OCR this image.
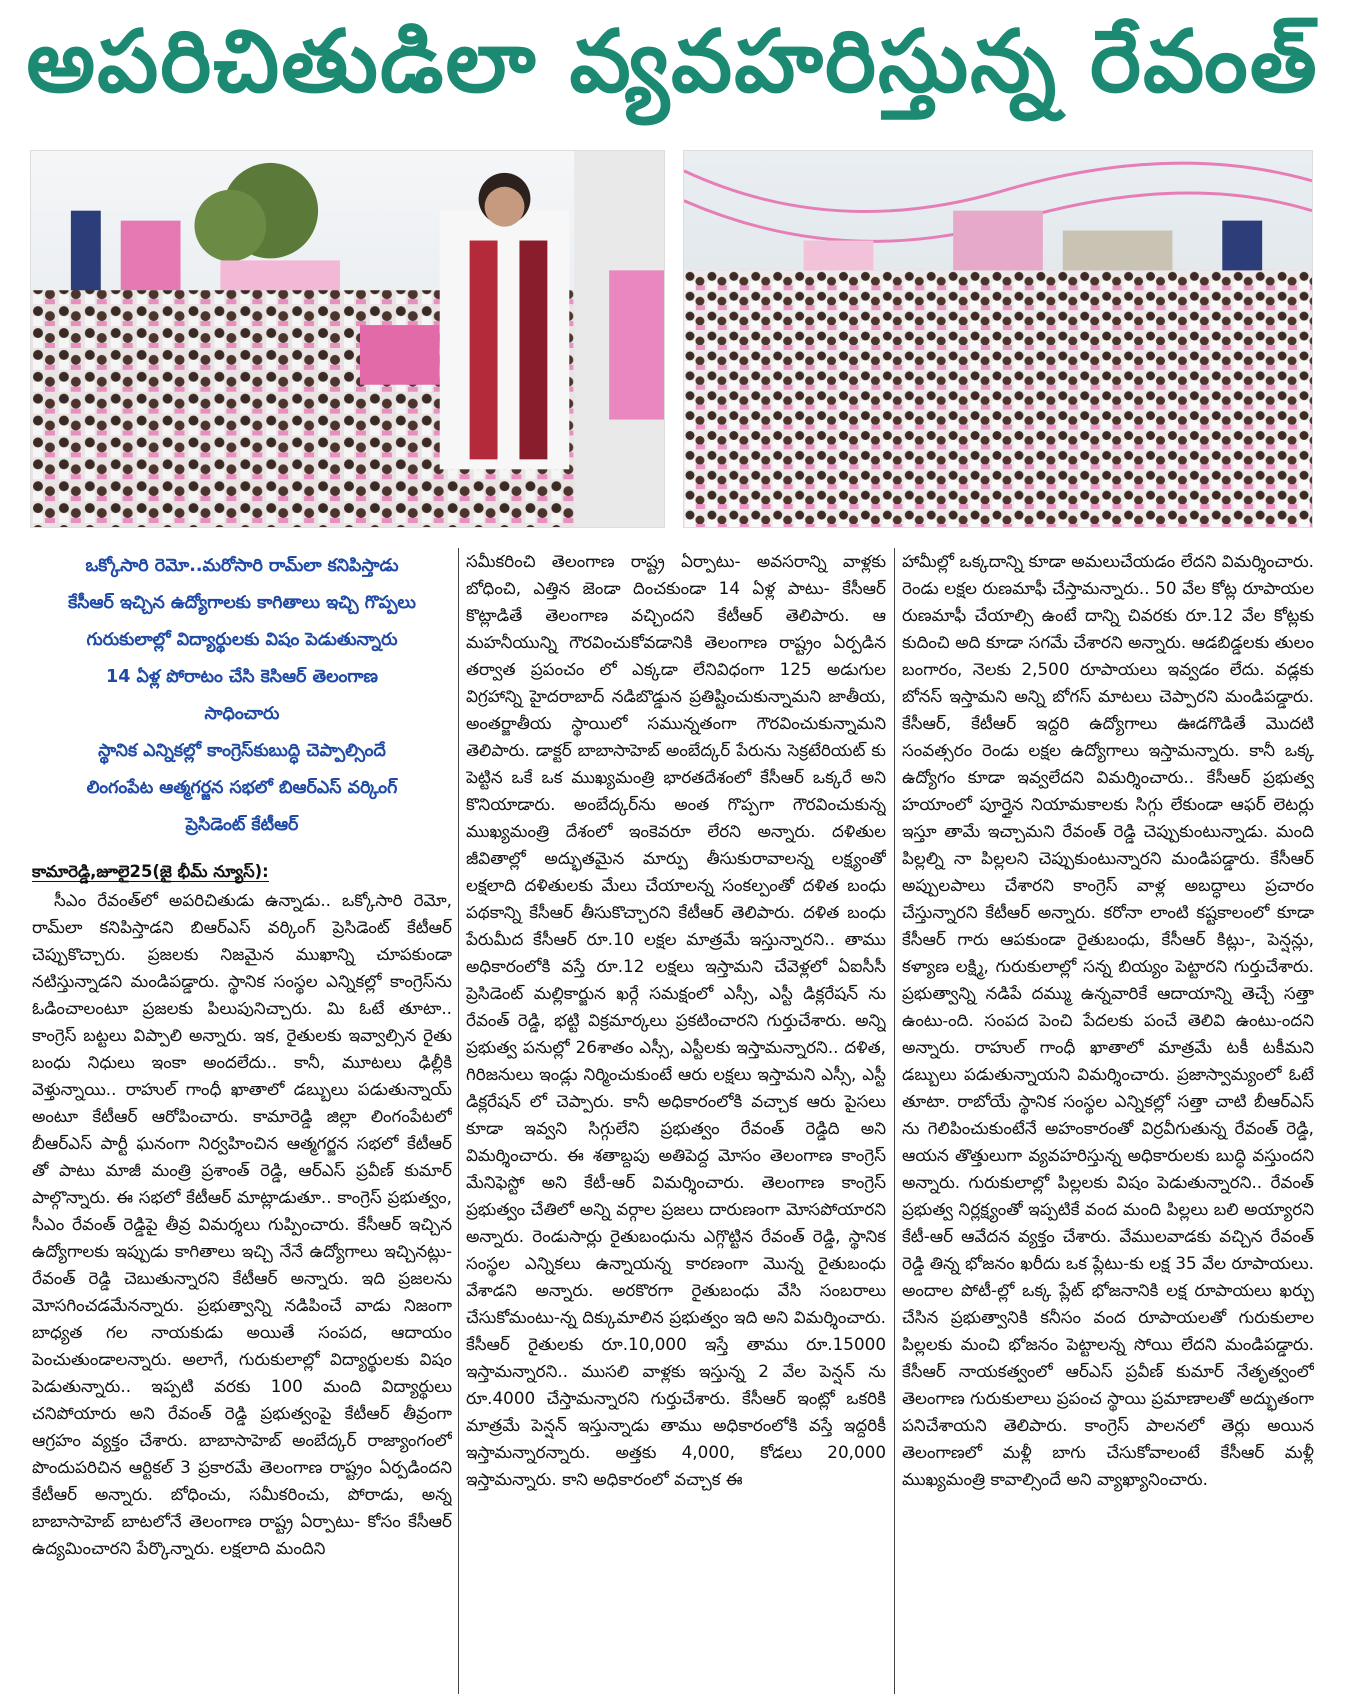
అపరిచితుడిలా వ్యవహరిస్తున్న రేవంత్
ఒక్కోసారి రెమో..మరోసారి రామ్‌లా కనిపిస్తాడు
కేసీఆర్ ఇచ్చిన ఉద్యోగాలకు కాగితాలు ఇచ్చి గొప్పలు
గురుకులాల్లో విద్యార్థులకు విషం పెడుతున్నారు
14 ఏళ్ల పోరాటం చేసి కెసిఆర్ తెలంగాణ
సాధించారు
స్థానిక ఎన్నికల్లో కాంగ్రెస్‌కుబుద్ధి చెప్పాల్సిందే
లింగంపేట ఆత్మగర్జన సభలో బిఆర్ఎస్ వర్కింగ్
ప్రెసిడెంట్ కేటీఆర్
కామారెడ్డి,జూలై25(జై భీమ్ న్యూస్):

సీఎం రేవంత్‌లో అపరిచితుడు ఉన్నాడు.. ఒక్కోసారి రెమో, రామ్‌లా కనిపిస్తాడని బిఆర్ఎస్ వర్కింగ్ ప్రెసిడెంట్ కేటీఆర్ చెప్పుకొచ్చారు. ప్రజలకు నిజమైన ముఖాన్ని చూపకుండా నటిస్తున్నాడని మండిపడ్డారు. స్థానిక సంస్థల ఎన్నికల్లో కాంగ్రెస్‌ను ఓడించాలంటూ ప్రజలకు పిలుపునిచ్చారు. మి ఓటే తూటా.. కాంగ్రెస్ బట్టలు విప్పాలి అన్నారు. ఇక, రైతులకు ఇవ్వాల్సిన రైతు బంధు నిధులు ఇంకా అందలేదు.. కానీ, మూటలు ఢిల్లీకి వెళ్తున్నాయి.. రాహుల్ గాంధీ ఖాతాలో డబ్బులు పడుతున్నాయ్ అంటూ కేటీఆర్ ఆరోపించారు. కామారెడ్డి జిల్లా లింగంపేటలో బీఆర్ఎస్ పార్టీ ఘనంగా నిర్వహించిన ఆత్మగర్జన సభలో కేటీఆర్ తో పాటు మాజీ మంత్రి ప్రశాంత్ రెడ్డి, ఆర్ఎస్ ప్రవీణ్ కుమార్ పాల్గొన్నారు. ఈ సభలో కేటీఆర్ మాట్లాడుతూ.. కాంగ్రెస్ ప్రభుత్వం, సీఎం రేవంత్ రెడ్డిపై తీవ్ర విమర్శలు గుప్పించారు. కేసీఆర్ ఇచ్చిన ఉద్యోగాలకు ఇప్పుడు కాగితాలు ఇచ్చి నేనే ఉద్యోగాలు ఇచ్చినట్లు- రేవంత్ రెడ్డి చెబుతున్నారని కేటీఆర్ అన్నారు. ఇది ప్రజలను మోసగించడమేనన్నారు. ప్రభుత్వాన్ని నడిపించే వాడు నిజంగా బాధ్యత గల నాయకుడు అయితే సంపద, ఆదాయం పెంచుతుండాలన్నారు. అలాగే, గురుకులాల్లో విద్యార్థులకు విషం పెడుతున్నారు.. ఇప్పటి వరకు 100 మంది విద్యార్థులు చనిపోయారు అని రేవంత్ రెడ్డి ప్రభుత్వంపై కేటీఆర్ తీవ్రంగా ఆగ్రహం వ్యక్తం చేశారు. బాబాసాహెబ్ అంబేద్కర్ రాజ్యాంగంలో పొందుపరిచిన ఆర్టికల్ 3 ప్రకారమే తెలంగాణ రాష్ట్రం ఏర్పడిందని కేటీఆర్ అన్నారు. బోధించు, సమీకరించు, పోరాడు, అన్న బాబాసాహెబ్ బాటలోనే తెలంగాణ రాష్ట్ర ఏర్పాటు- కోసం కేసీఆర్ ఉద్యమించారని పేర్కొన్నారు. లక్షలాది మందిని

సమీకరించి తెలంగాణ రాష్ట్ర ఏర్పాటు- అవసరాన్ని వాళ్లకు బోధించి, ఎత్తిన జెండా దించకుండా 14 ఏళ్ల పాటు- కేసీఆర్ కొట్లాడితే తెలంగాణ వచ్చిందని కేటీఆర్ తెలిపారు. ఆ మహనీయున్ని గౌరవించుకోవడానికి తెలంగాణ రాష్ట్రం ఏర్పడిన తర్వాత ప్రపంచం లో ఎక్కడా లేనివిధంగా 125 అడుగుల విగ్రహాన్ని హైదరాబాద్ నడిబొడ్డున ప్రతిష్టించుకున్నామని జాతీయ, అంతర్జాతీయ స్థాయిలో సమున్నతంగా గౌరవించుకున్నామని తెలిపారు. డాక్టర్ బాబాసాహెబ్ అంబేద్కర్ పేరును సెక్రటేరియట్ కు పెట్టిన ఒకే ఒక ముఖ్యమంత్రి భారతదేశంలో కేసీఆర్ ఒక్కరే అని కొనియాడారు. అంబేద్కర్‌ను అంత గొప్పగా గౌరవించుకున్న ముఖ్యమంత్రి దేశంలో ఇంకెవరూ లేరని అన్నారు. దళితుల జీవితాల్లో అద్భుతమైన మార్పు తీసుకురావాలన్న లక్ష్యంతో లక్షలాది దళితులకు మేలు చేయాలన్న సంకల్పంతో దళిత బంధు పథకాన్ని కేసీఆర్ తీసుకొచ్చారని కేటీఆర్ తెలిపారు. దళిత బంధు పేరుమీద కేసీఆర్ రూ.10 లక్షల మాత్రమే ఇస్తున్నారని.. తాము అధికారంలోకి వస్తే రూ.12 లక్షలు ఇస్తామని చేవెళ్లలో ఏఐసీసీ ప్రెసిడెంట్ మల్లికార్జున ఖర్గే సమక్షంలో ఎస్సీ, ఎస్టీ డిక్లరేషన్ ను రేవంత్ రెడ్డి, భట్టి విక్రమార్కలు ప్రకటించారని గుర్తుచేశారు. అన్ని ప్రభుత్వ పనుల్లో 26శాతం ఎస్సీ, ఎస్టీలకు ఇస్తామన్నారని.. దళిత, గిరిజనులు ఇండ్లు నిర్మించుకుంటే ఆరు లక్షలు ఇస్తామని ఎస్సీ, ఎస్టీ డిక్లరేషన్ లో చెప్పారు. కానీ అధికారంలోకి వచ్చాక ఆరు పైసలు కూడా ఇవ్వని సిగ్గులేని ప్రభుత్వం రేవంత్ రెడ్డిది అని విమర్శించారు. ఈ శతాబ్దపు అతిపెద్ద మోసం తెలంగాణ కాంగ్రెస్ మేనిఫెస్టో అని కేటీ-ఆర్ విమర్శించారు. తెలంగాణ కాంగ్రెస్ ప్రభుత్వం చేతిలో అన్ని వర్గాల ప్రజలు దారుణంగా మోసపోయారని అన్నారు. రెండుసార్లు రైతుబంధును ఎగ్గొట్టిన రేవంత్ రెడ్డి, స్థానిక సంస్థల ఎన్నికలు ఉన్నాయన్న కారణంగా మొన్న రైతుబంధు వేశాడని అన్నారు. అరకొరగా రైతుబంధు వేసి సంబరాలు చేసుకోమంటు-న్న దిక్కుమాలిన ప్రభుత్వం ఇది అని విమర్శించారు. కేసీఆర్ రైతులకు రూ.10,000 ఇస్తే తాము రూ.15000 ఇస్తామన్నారని.. ముసలి వాళ్లకు ఇస్తున్న 2 వేల పెన్షన్ ను రూ.4000 చేస్తామన్నారని గుర్తుచేశారు. కేసీఆర్ ఇంట్లో ఒకరికి మాత్రమే పెన్షన్ ఇస్తున్నాడు తాము అధికారంలోకి వస్తే ఇద్దరికీ ఇస్తామన్నారన్నారు. అత్తకు 4,000, కోడలు 20,000 ఇస్తామన్నారు. కాని అధికారంలో వచ్చాక ఈ

హామీల్లో ఒక్కదాన్ని కూడా అమలుచేయడం లేదని విమర్శించారు. రెండు లక్షల రుణమాఫీ చేస్తామన్నారు.. 50 వేల కోట్ల రూపాయల రుణమాఫీ చేయాల్సి ఉంటే దాన్ని చివరకు రూ.12 వేల కోట్లకు కుదించి అది కూడా సగమే చేశారని అన్నారు. ఆడబిడ్డలకు తులం బంగారం, నెలకు 2,500 రూపాయలు ఇవ్వడం లేదు. వడ్లకు బోనస్ ఇస్తామని అన్ని బోగస్ మాటలు చెప్పారని మండిపడ్డారు. కేసీఆర్, కేటీఆర్ ఇద్దరి ఉద్యోగాలు ఊడగొడితే మొదటి సంవత్సరం రెండు లక్షల ఉద్యోగాలు ఇస్తామన్నారు. కానీ ఒక్క ఉద్యోగం కూడా ఇవ్వలేదని విమర్శించారు.. కేసీఆర్ ప్రభుత్వ హయాంలో పూర్తైన నియామకాలకు సిగ్గు లేకుండా ఆఫర్ లెటర్లు ఇస్తూ తామే ఇచ్చామని రేవంత్ రెడ్డి చెప్పుకుంటున్నాడు. మంది పిల్లల్ని నా పిల్లలని చెప్పుకుంటున్నారని మండిపడ్డారు. కేసీఆర్ అప్పులపాలు చేశారని కాంగ్రెస్ వాళ్ల అబద్ధాలు ప్రచారం చేస్తున్నారని కేటీఆర్ అన్నారు. కరోనా లాంటి కష్టకాలంలో కూడా కేసీఆర్ గారు ఆపకుండా రైతుబంధు, కేసీఆర్ కిట్లు-, పెన్షన్లు, కళ్యాణ లక్ష్మి, గురుకులాల్లో సన్న బియ్యం పెట్టారని గుర్తుచేశారు. ప్రభుత్వాన్ని నడిపే దమ్ము ఉన్నవారికే ఆదాయాన్ని తెచ్చే సత్తా ఉంటు-ంది. సంపద పెంచి పేదలకు పంచే తెలివి ఉంటు-ందని అన్నారు. రాహుల్ గాంధీ ఖాతాలో మాత్రమే టకీ టకీమని డబ్బులు పడుతున్నాయని విమర్శించారు. ప్రజాస్వామ్యంలో ఓటే తూటా. రాబోయే స్థానిక సంస్థల ఎన్నికల్లో సత్తా చాటి బీఆర్ఎస్ ను గెలిపించుకుంటేనే అహంకారంతో విర్రవీగుతున్న రేవంత్ రెడ్డి, ఆయన తొత్తులుగా వ్యవహరిస్తున్న అధికారులకు బుద్ధి వస్తుందని అన్నారు. గురుకులాల్లో పిల్లలకు విషం పెడుతున్నారని.. రేవంత్ ప్రభుత్వ నిర్లక్ష్యంతో ఇప్పటికే వంద మంది పిల్లలు బలి అయ్యారని కేటీ-ఆర్ ఆవేదన వ్యక్తం చేశారు. వేములవాడకు వచ్చిన రేవంత్ రెడ్డి తిన్న భోజనం ఖరీదు ఒక ప్లేటు-కు లక్ష 35 వేల రూపాయలు. అందాల పోటీ-ల్లో ఒక్క ప్లేట్ భోజనానికి లక్ష రూపాయలు ఖర్చు చేసిన ప్రభుత్వానికి కనీసం వంద రూపాయలతో గురుకులాల పిల్లలకు మంచి భోజనం పెట్టాలన్న సోయి లేదని మండిపడ్డారు. కేసీఆర్ నాయకత్వంలో ఆర్ఎస్ ప్రవీణ్ కుమార్ నేతృత్వంలో తెలంగాణ గురుకులాలు ప్రపంచ స్థాయి ప్రమాణాలతో అద్భుతంగా పనిచేశాయని తెలిపారు. కాంగ్రెస్ పాలనలో తెర్లు అయిన తెలంగాణలో మళ్లీ బాగు చేసుకోవాలంటే కేసీఆర్ మళ్లీ ముఖ్యమంత్రి కావాల్సిందే అని వ్యాఖ్యానించారు.
